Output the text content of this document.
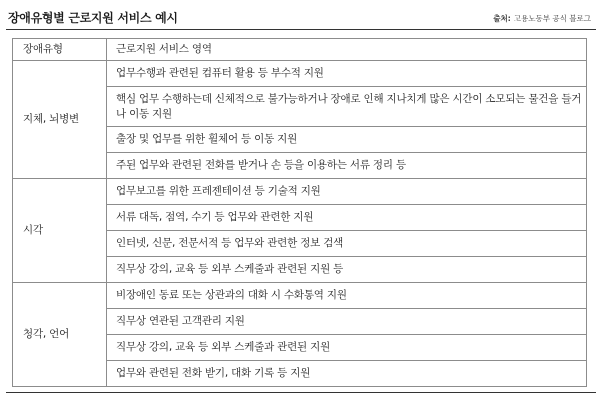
장애유형별 근로지원 서비스 예시	출처: 고용노동부 공식 블로그
장애유형	근로지원 서비스 영역
지체, 뇌병변	업무수행과 관련된 컴퓨터 활용 등 부수적 지원
	핵심 업무 수행하는데 신체적으로 불가능하거나 장애로 인해 지나치게 많은 시간이 소모되는 물건을 들거나 이동 지원
	출장 및 업무를 위한 휠체어 등 이동 지원
	주된 업무와 관련된 전화를 받거나 손 등을 이용하는 서류 정리 등
시각	업무보고를 위한 프레젠테이션 등 기술적 지원
	서류 대독, 점역, 수기 등 업무와 관련한 지원
	인터넷, 신문, 전문서적 등 업무와 관련한 정보 검색
	직무상 강의, 교육 등 외부 스케줄과 관련된 지원 등
청각, 언어	비장애인 동료 또는 상관과의 대화 시 수화통역 지원
	직무상 연관된 고객관리 지원
	직무상 강의, 교육 등 외부 스케줄과 관련된 지원
	업무와 관련된 전화 받기, 대화 기록 등 지원
